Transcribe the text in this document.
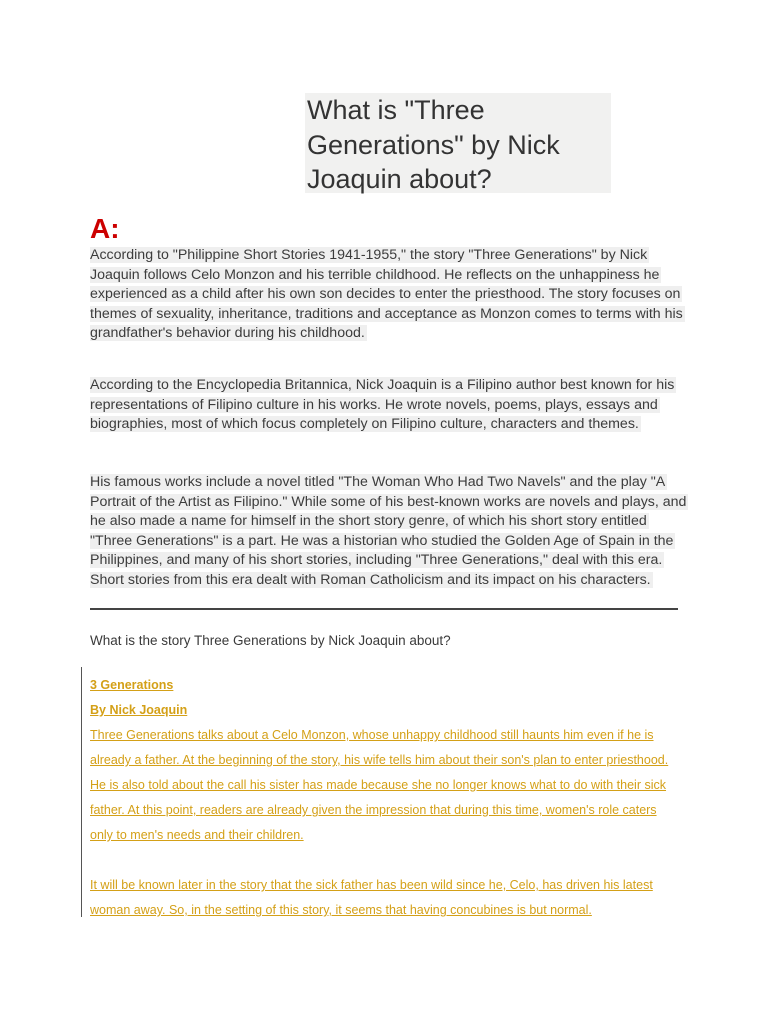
What is "Three Generations" by Nick Joaquin about?
A:

According to "Philippine Short Stories 1941-1955," the story "Three Generations" by Nick Joaquin follows Celo Monzon and his terrible childhood. He reflects on the unhappiness he experienced as a child after his own son decides to enter the priesthood. The story focuses on themes of sexuality, inheritance, traditions and acceptance as Monzon comes to terms with his grandfather's behavior during his childhood.

According to the Encyclopedia Britannica, Nick Joaquin is a Filipino author best known for his representations of Filipino culture in his works. He wrote novels, poems, plays, essays and biographies, most of which focus completely on Filipino culture, characters and themes.

His famous works include a novel titled "The Woman Who Had Two Navels" and the play "A Portrait of the Artist as Filipino." While some of his best-known works are novels and plays, and he also made a name for himself in the short story genre, of which his short story entitled "Three Generations" is a part. He was a historian who studied the Golden Age of Spain in the Philippines, and many of his short stories, including "Three Generations," deal with this era. Short stories from this era dealt with Roman Catholicism and its impact on his characters.

What is the story Three Generations by Nick Joaquin about?

3 Generations
By Nick Joaquin

Three Generations talks about a Celo Monzon, whose unhappy childhood still haunts him even if he is already a father. At the beginning of the story, his wife tells him about their son's plan to enter priesthood. He is also told about the call his sister has made because she no longer knows what to do with their sick father. At this point, readers are already given the impression that during this time, women's role caters only to men's needs and their children.

It will be known later in the story that the sick father has been wild since he, Celo, has driven his latest woman away. So, in the setting of this story, it seems that having concubines is but normal.
